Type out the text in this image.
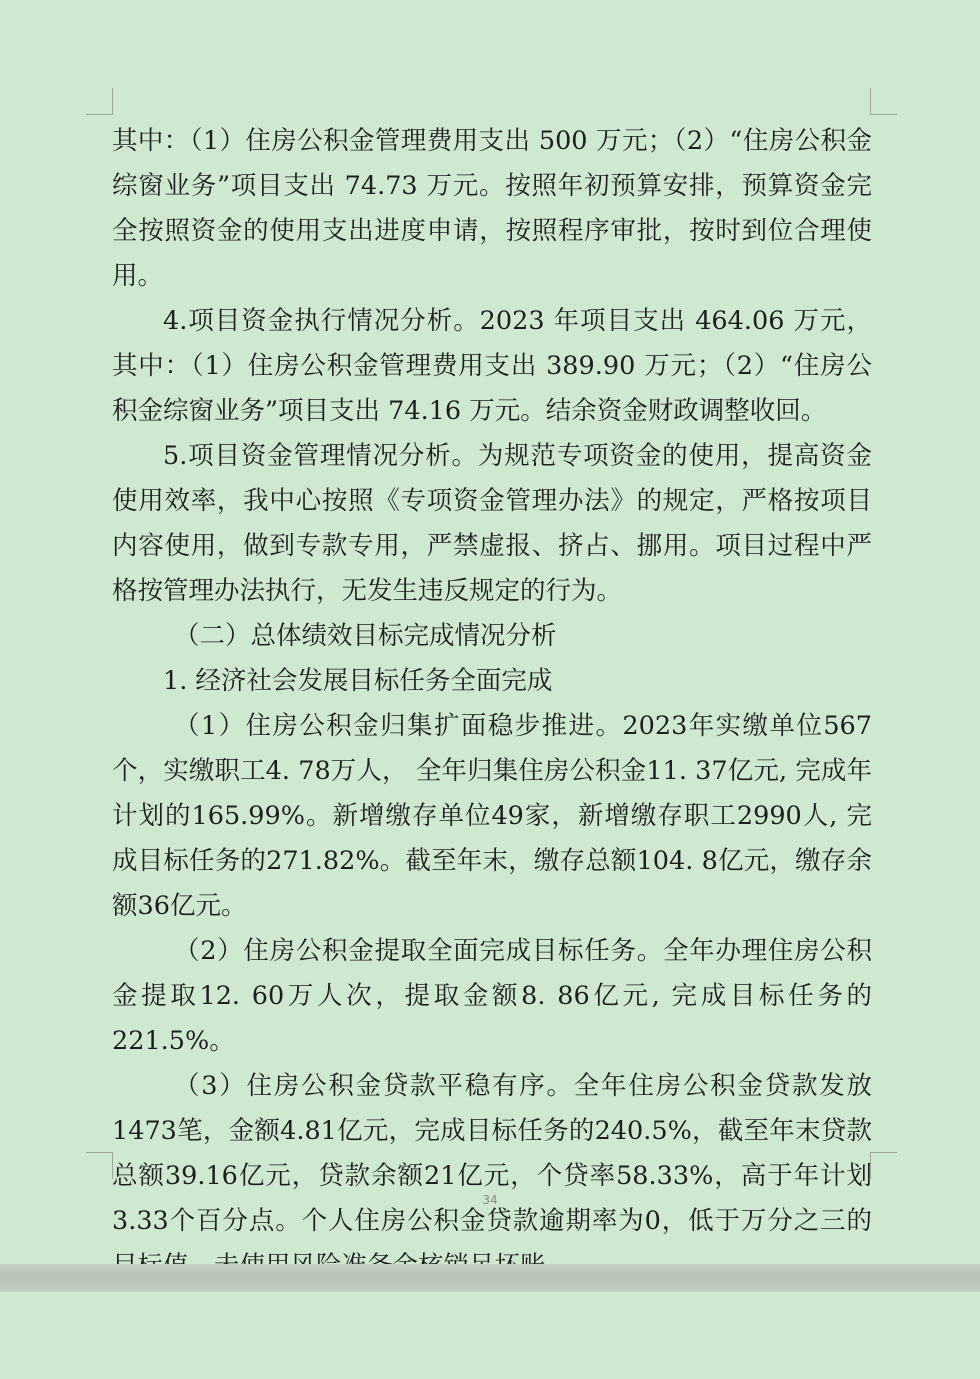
其中：（1）住房公积金管理费用支出 500 万元；（2）“住房公积金综窗业务”项目支出 74.73 万元。按照年初预算安排，预算资金完全按照资金的使用支出进度申请，按照程序审批，按时到位合理使用。

4.项目资金执行情况分析。2023 年项目支出 464.06 万元，其中：（1）住房公积金管理费用支出 389.90 万元；（2）“住房公积金综窗业务”项目支出 74.16 万元。结余资金财政调整收回。

5.项目资金管理情况分析。为规范专项资金的使用，提高资金使用效率，我中心按照《专项资金管理办法》的规定，严格按项目内容使用，做到专款专用，严禁虚报、挤占、挪用。项目过程中严格按管理办法执行，无发生违反规定的行为。

（二）总体绩效目标完成情况分析

1. 经济社会发展目标任务全面完成

（1）住房公积金归集扩面稳步推进。2023年实缴单位567个，实缴职工4. 78万人， 全年归集住房公积金11. 37亿元, 完成年计划的165.99%。新增缴存单位49家，新增缴存职工2990人, 完成目标任务的271.82%。截至年末，缴存总额104. 8亿元，缴存余额36亿元。

（2）住房公积金提取全面完成目标任务。全年办理住房公积金提取12. 60万人次，提取金额8. 86亿元, 完成目标任务的221.5%。

（3）住房公积金贷款平稳有序。全年住房公积金贷款发放1473笔，金额4.81亿元，完成目标任务的240.5%，截至年末贷款总额39.16亿元，贷款余额21亿元，个贷率58.33%，高于年计划3.33个百分点。个人住房公积金贷款逾期率为0，低于万分之三的

34
